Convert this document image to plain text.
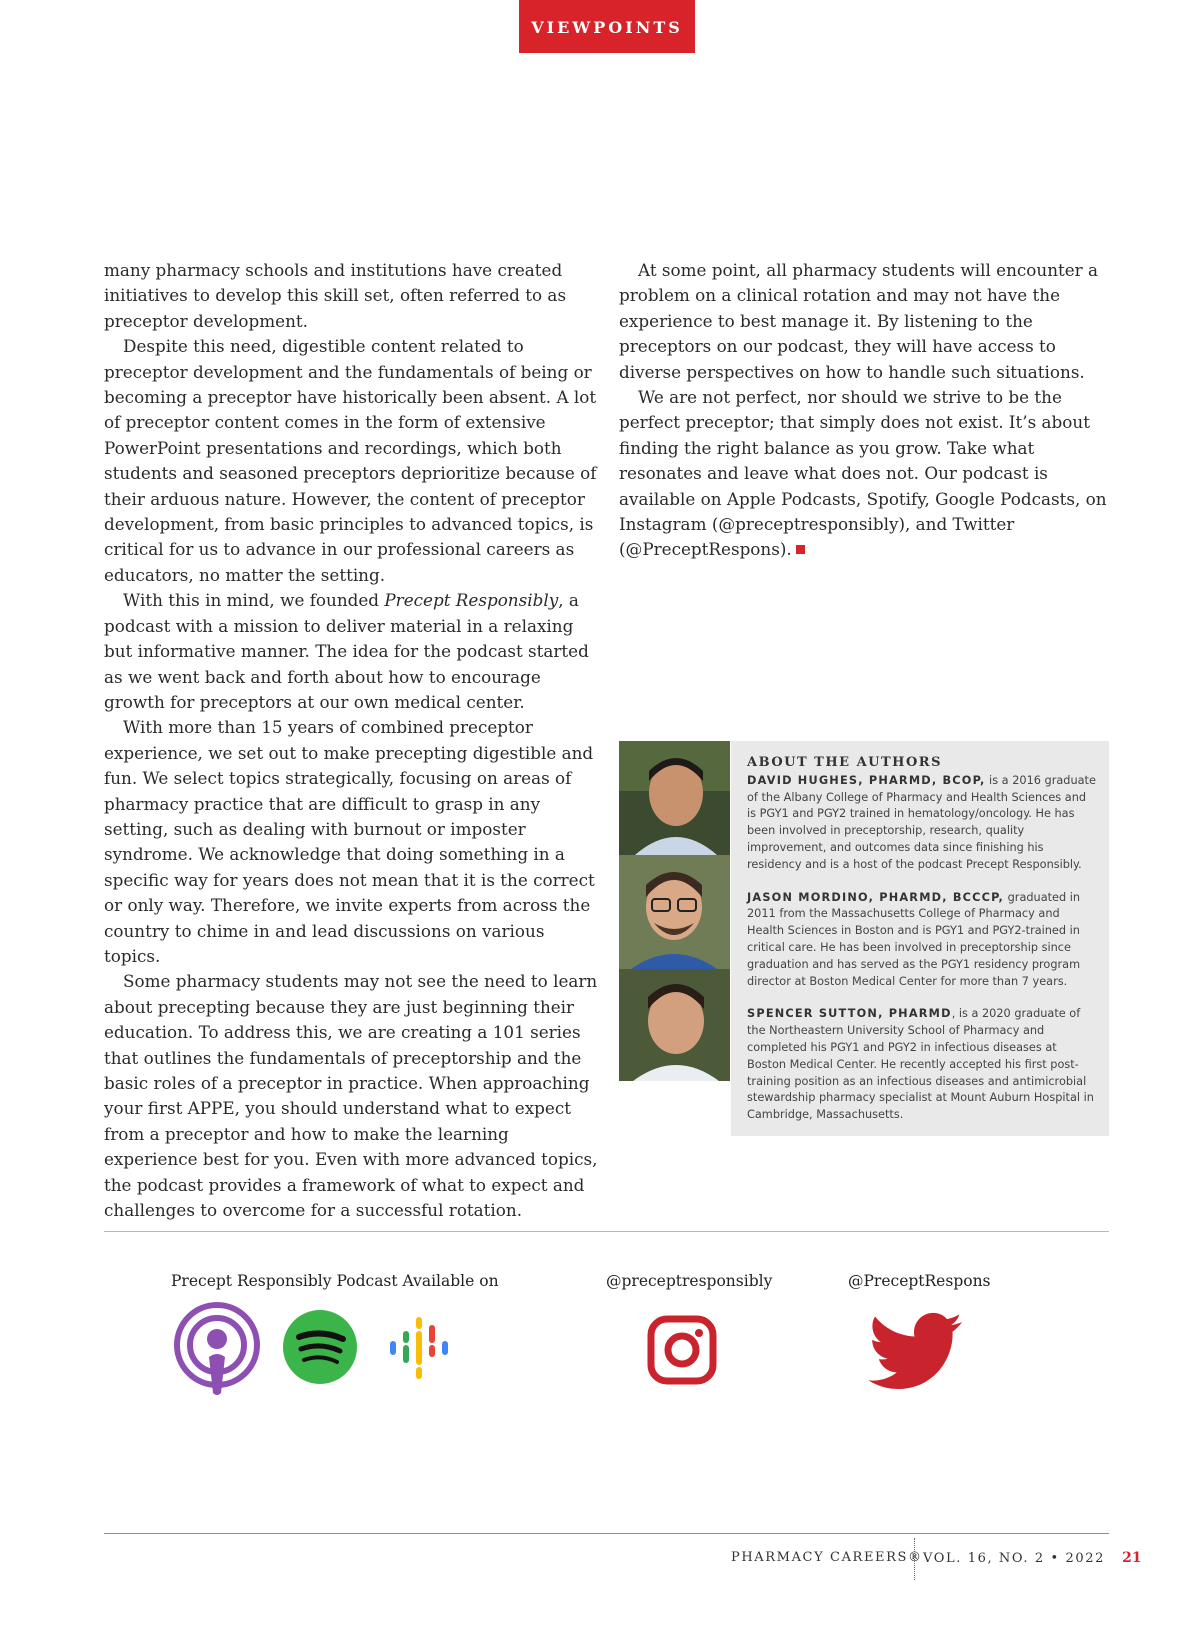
VIEWPOINTS

many pharmacy schools and institutions have created initiatives to develop this skill set, often referred to as preceptor development.

Despite this need, digestible content related to preceptor development and the fundamentals of being or becoming a preceptor have historically been absent. A lot of preceptor content comes in the form of extensive PowerPoint presentations and recordings, which both students and seasoned preceptors deprioritize because of their arduous nature. However, the content of preceptor development, from basic principles to advanced topics, is critical for us to advance in our professional careers as educators, no matter the setting.

With this in mind, we founded Precept Responsibly, a podcast with a mission to deliver material in a relaxing but informative manner. The idea for the podcast started as we went back and forth about how to encourage growth for preceptors at our own medical center.

With more than 15 years of combined preceptor experience, we set out to make precepting digestible and fun. We select topics strategically, focusing on areas of pharmacy practice that are difficult to grasp in any setting, such as dealing with burnout or imposter syndrome. We acknowledge that doing something in a specific way for years does not mean that it is the correct or only way. Therefore, we invite experts from across the country to chime in and lead discussions on various topics.

Some pharmacy students may not see the need to learn about precepting because they are just beginning their education. To address this, we are creating a 101 series that outlines the fundamentals of preceptorship and the basic roles of a preceptor in practice. When approaching your first APPE, you should understand what to expect from a preceptor and how to make the learning experience best for you. Even with more advanced topics, the podcast provides a framework of what to expect and challenges to overcome for a successful rotation.

At some point, all pharmacy students will encounter a problem on a clinical rotation and may not have the experience to best manage it. By listening to the preceptors on our podcast, they will have access to diverse perspectives on how to handle such situations.

We are not perfect, nor should we strive to be the perfect preceptor; that simply does not exist. It’s about finding the right balance as you grow. Take what resonates and leave what does not. Our podcast is available on Apple Podcasts, Spotify, Google Podcasts, on Instagram (@preceptresponsibly), and Twitter (@PreceptRespons).

ABOUT THE AUTHORS

DAVID HUGHES, PHARMD, BCOP, is a 2016 graduate of the Albany College of Pharmacy and Health Sciences and is PGY1 and PGY2 trained in hematology/oncology. He has been involved in preceptorship, research, quality improvement, and outcomes data since finishing his residency and is a host of the podcast Precept Responsibly.

JASON MORDINO, PHARMD, BCCCP, graduated in 2011 from the Massachusetts College of Pharmacy and Health Sciences in Boston and is PGY1 and PGY2-trained in critical care. He has been involved in preceptorship since graduation and has served as the PGY1 residency program director at Boston Medical Center for more than 7 years.

SPENCER SUTTON, PHARMD, is a 2020 graduate of the Northeastern University School of Pharmacy and completed his PGY1 and PGY2 in infectious diseases at Boston Medical Center. He recently accepted his first post-training position as an infectious diseases and antimicrobial stewardship pharmacy specialist at Mount Auburn Hospital in Cambridge, Massachusetts.

Precept Responsibly Podcast Available on	@preceptresponsibly	@PreceptRespons
PHARMACY CAREERS® VOL. 16, NO. 2 • 2022 21
